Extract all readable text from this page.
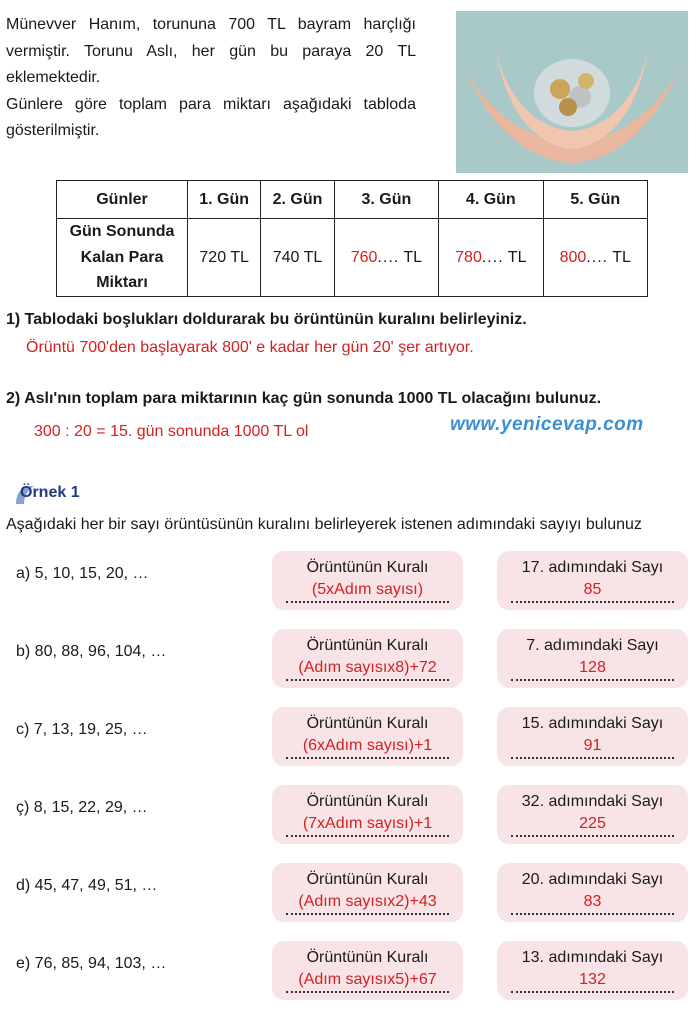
Münevver Hanım, torununa 700 TL bayram harçlığı vermiştir. Torunu Aslı, her gün bu paraya 20 TL eklemektedir.
Günlere göre toplam para miktarı aşağıdaki tabloda gösterilmiştir.

Günler	1. Gün	2. Gün	3. Gün	4. Gün	5. Gün
Gün Sonunda
Kalan Para
Miktarı	720 TL	740 TL	760.... TL	780.... TL	800.... TL

1) Tablodaki boşlukları doldurarak bu örüntünün kuralını belirleyiniz.

Örüntü 700'den başlayarak 800' e kadar her gün 20' şer artıyor.

2) Aslı'nın toplam para miktarının kaç gün sonunda 1000 TL olacağını bulunuz.

300 : 20 = 15. gün sonunda 1000 TL ol	www.yenicevap.com
Örnek 1

Aşağıdaki her bir sayı örüntüsünün kuralını belirleyerek istenen adımındaki sayıyı bulunuz

a) 5, 10, 15, 20, …	Örüntünün Kuralı
(5xAdım sayısı)
17. adımındaki Sayı
85

b) 80, 88, 96, 104, …	Örüntünün Kuralı
(Adım sayısıx8)+72
7. adımındaki Sayı
128

c) 7, 13, 19, 25, …	Örüntünün Kuralı
(6xAdım sayısı)+1
15. adımındaki Sayı
91

ç) 8, 15, 22, 29, …	Örüntünün Kuralı
(7xAdım sayısı)+1
32. adımındaki Sayı
225

d) 45, 47, 49, 51, …	Örüntünün Kuralı
(Adım sayısıx2)+43
20. adımındaki Sayı
83

e) 76, 85, 94, 103, …	Örüntünün Kuralı
(Adım sayısıx5)+67
13. adımındaki Sayı
132
